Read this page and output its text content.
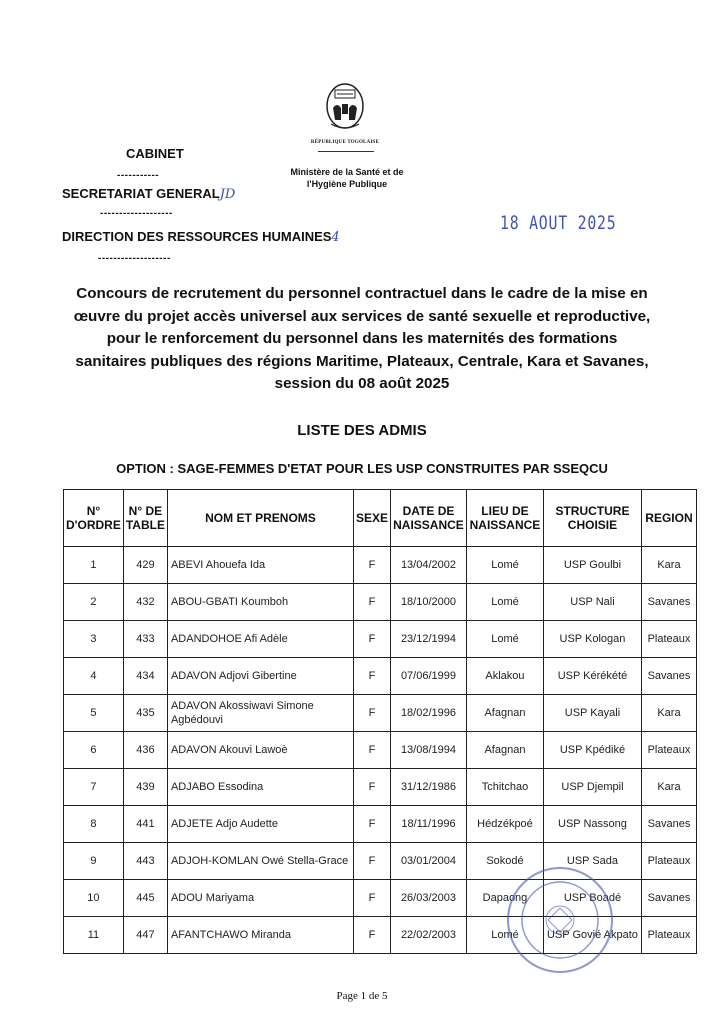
RÉPUBLIQUE TOGOLAISE
Ministère de la Santé et de
l'Hygiène Publique
CABINET
-----------
SECRETARIAT GENERALJD
-------------------
DIRECTION DES RESSOURCES HUMAINES4
-------------------
18 AOUT 2025
Concours de recrutement du personnel contractuel dans le cadre de la mise en
œuvre du projet accès universel aux services de santé sexuelle et reproductive,
pour le renforcement du personnel dans les maternités des formations
sanitaires publiques des régions Maritime, Plateaux, Centrale, Kara et Savanes,
session du 08 août 2025
LISTE DES ADMIS
OPTION : SAGE-FEMMES D'ETAT POUR LES USP CONSTRUITES PAR SSEQCU
N° D'ORDRE	N° DE TABLE	NOM ET PRENOMS	SEXE	DATE DE NAISSANCE	LIEU DE NAISSANCE	STRUCTURE CHOISIE	REGION
1	429	ABEVI Ahouefa Ida	F	13/04/2002	Lomé	USP Goulbi	Kara
2	432	ABOU-GBATI Koumboh	F	18/10/2000	Lomé	USP Nali	Savanes
3	433	ADANDOHOE Afi Adèle	F	23/12/1994	Lomé	USP Kologan	Plateaux
4	434	ADAVON Adjovi Gibertine	F	07/06/1999	Aklakou	USP Kérékété	Savanes
5	435	ADAVON Akossiwavi Simone Agbédouvi	F	18/02/1996	Afagnan	USP Kayali	Kara
6	436	ADAVON Akouvi Lawoè	F	13/08/1994	Afagnan	USP Kpédiké	Plateaux
7	439	ADJABO Essodina	F	31/12/1986	Tchitchao	USP Djempil	Kara
8	441	ADJETE Adjo Audette	F	18/11/1996	Hédzékpoé	USP Nassong	Savanes
9	443	ADJOH-KOMLAN Owé Stella-Grace	F	03/01/2004	Sokodé	USP Sada	Plateaux
10	445	ADOU Mariyama	F	26/03/2003	Dapaong	USP Boadé	Savanes
11	447	AFANTCHAWO Miranda	F	22/02/2003	Lomé	USP Govié Akpato	Plateaux
Page 1 de 5
